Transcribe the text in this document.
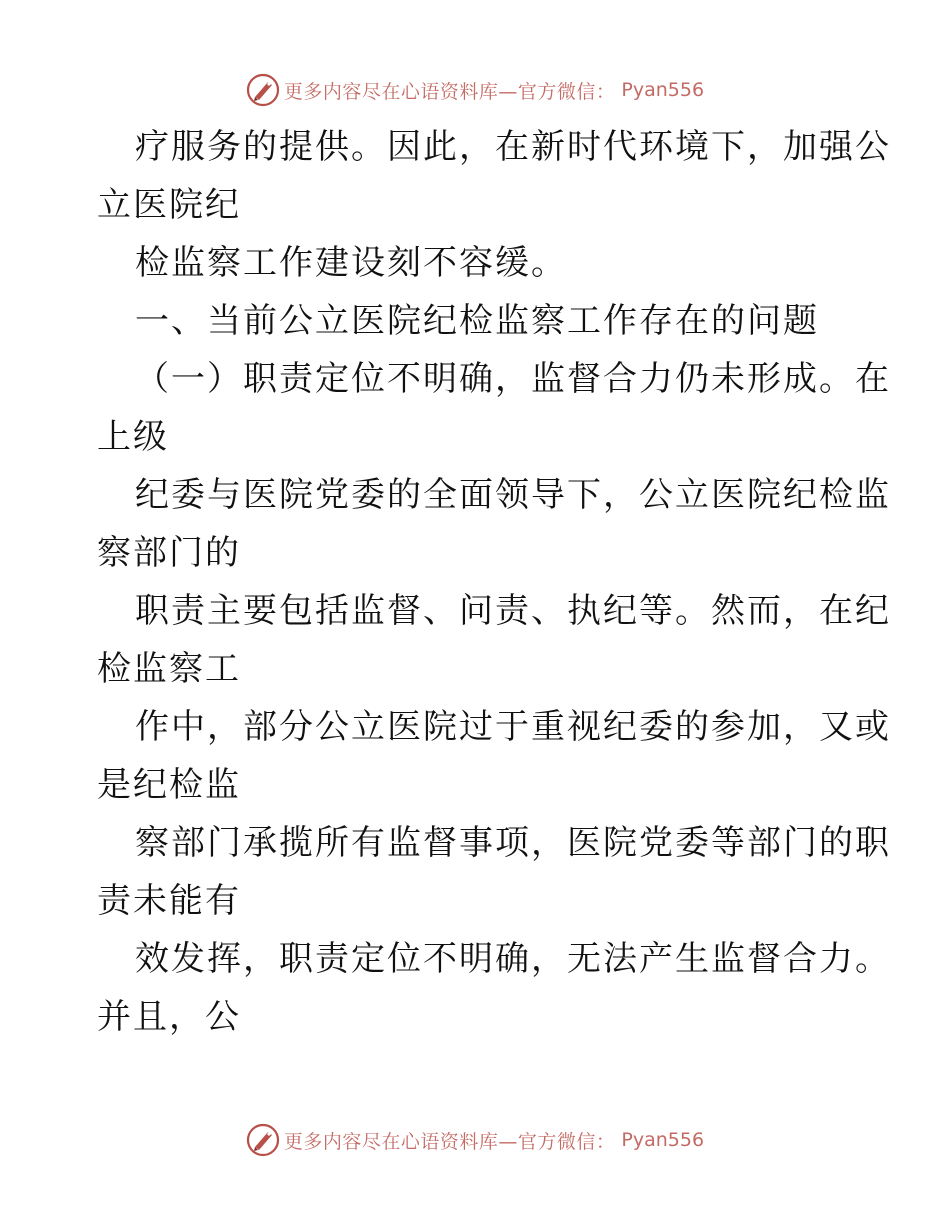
更多内容尽在心语资料库—官方微信： Pyan556
疗服务的提供。因此，在新时代环境下，加强公
立医院纪
检监察工作建设刻不容缓。
一、当前公立医院纪检监察工作存在的问题
（一）职责定位不明确，监督合力仍未形成。在
上级
纪委与医院党委的全面领导下，公立医院纪检监
察部门的
职责主要包括监督、问责、执纪等。然而，在纪
检监察工
作中，部分公立医院过于重视纪委的参加，又或
是纪检监
察部门承揽所有监督事项，医院党委等部门的职
责未能有
效发挥，职责定位不明确，无法产生监督合力。
并且，公
更多内容尽在心语资料库—官方微信： Pyan556
